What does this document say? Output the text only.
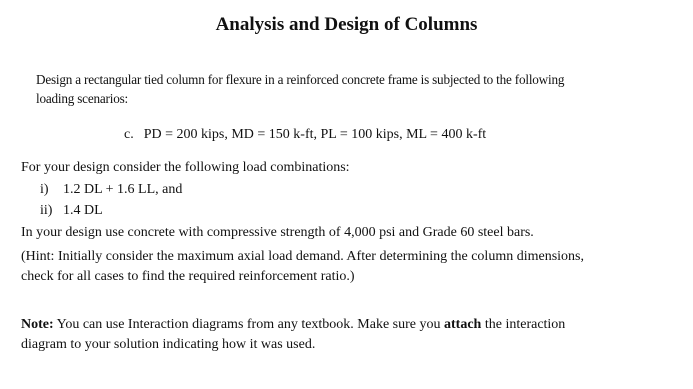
Analysis and Design of Columns
Design a rectangular tied column for flexure in a reinforced concrete frame is subjected to the following
loading scenarios:
c. PD = 200 kips, MD = 150 k-ft, PL = 100 kips, ML = 400 k-ft
For your design consider the following load combinations:
i) 1.2 DL + 1.6 LL, and
ii) 1.4 DL
In your design use concrete with compressive strength of 4,000 psi and Grade 60 steel bars.
(Hint: Initially consider the maximum axial load demand. After determining the column dimensions,
check for all cases to find the required reinforcement ratio.)
Note: You can use Interaction diagrams from any textbook. Make sure you attach the interaction
diagram to your solution indicating how it was used.
